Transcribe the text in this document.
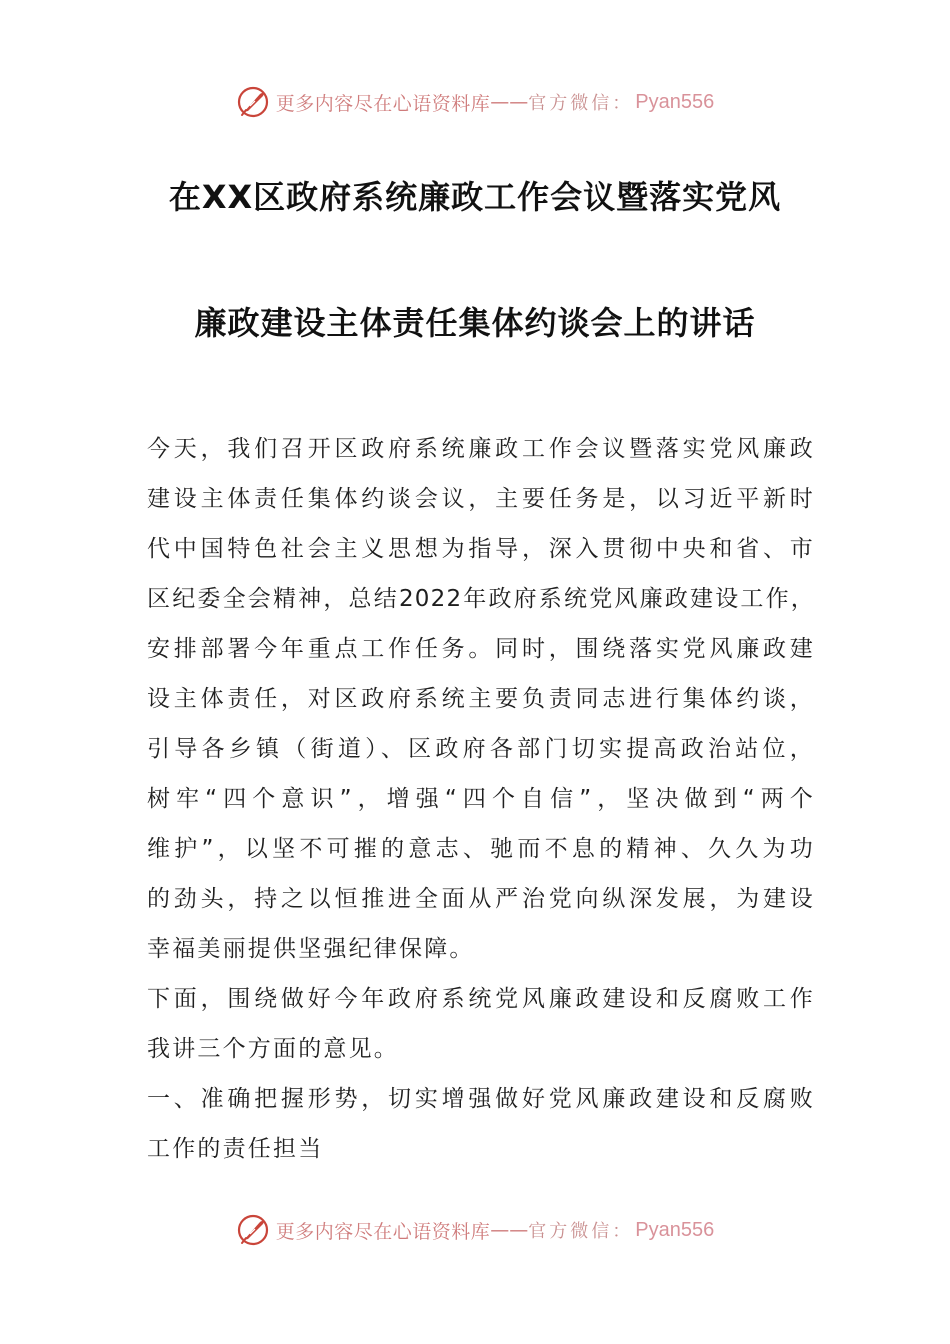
更多内容尽在心语资料库 —— 官方微信： Pyan556
在XX区政府系统廉政工作会议暨落实党风
廉政建设主体责任集体约谈会上的讲话

今天，我们召开区政府系统廉政工作会议暨落实党风廉政
建设主体责任集体约谈会议，主要任务是，以习近平新时
代中国特色社会主义思想为指导，深入贯彻中央和省、市
区纪委全会精神，总结2022年政府系统党风廉政建设工作，
安排部署今年重点工作任务。同时，围绕落实党风廉政建
设主体责任，对区政府系统主要负责同志进行集体约谈，
引导各乡镇（街道）、区政府各部门切实提高政治站位，
树牢“四个意识”，增强“四个自信”，坚决做到“两个
维护”，以坚不可摧的意志、驰而不息的精神、久久为功
的劲头，持之以恒推进全面从严治党向纵深发展，为建设
幸福美丽提供坚强纪律保障。

下面，围绕做好今年政府系统党风廉政建设和反腐败工作
我讲三个方面的意见。

一、准确把握形势，切实增强做好党风廉政建设和反腐败
工作的责任担当

更多内容尽在心语资料库 —— 官方微信： Pyan556
